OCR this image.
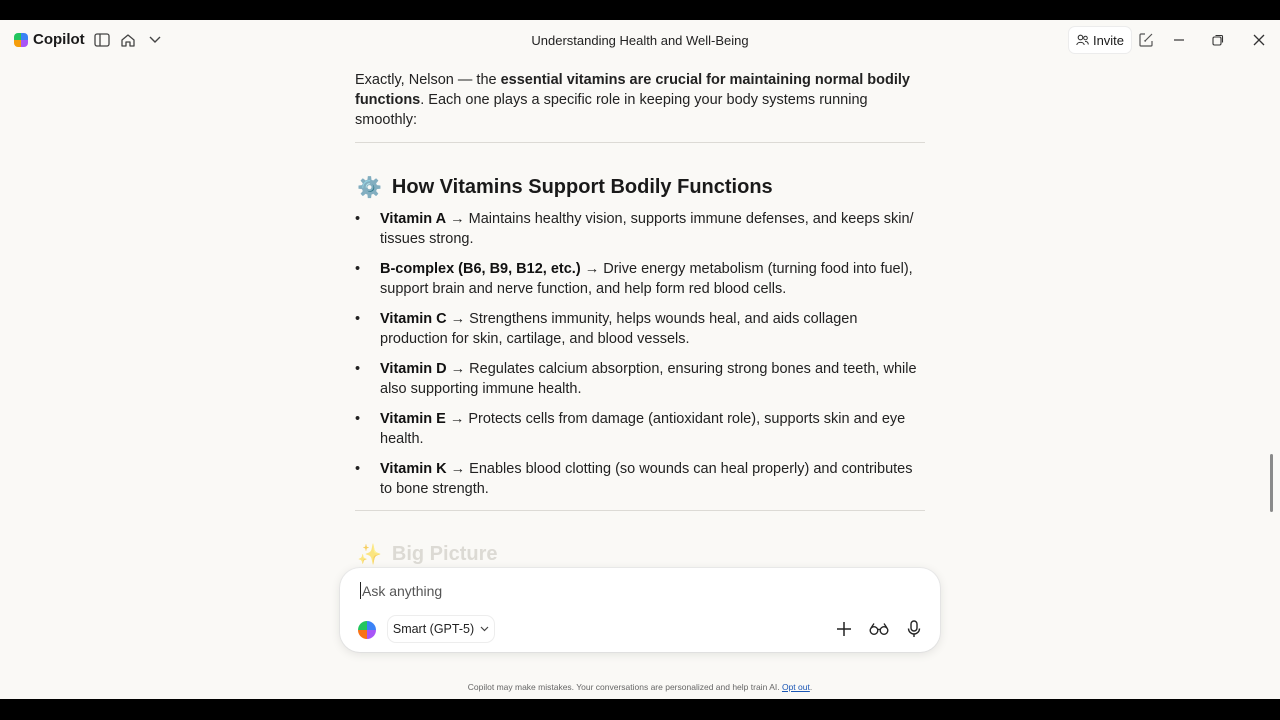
Copilot	Understanding Health and Well-Being	Invite
Exactly, Nelson — the essential vitamins are crucial for maintaining normal bodily functions. Each one plays a specific role in keeping your body systems running smoothly:
⚙️ How Vitamins Support Bodily Functions
•	Vitamin A → Maintains healthy vision, supports immune defenses, and keeps skin/ tissues strong.
•	B-complex (B6, B9, B12, etc.) → Drive energy metabolism (turning food into fuel), support brain and nerve function, and help form red blood cells.
•	Vitamin C → Strengthens immunity, helps wounds heal, and aids collagen production for skin, cartilage, and blood vessels.
•	Vitamin D → Regulates calcium absorption, ensuring strong bones and teeth, while also supporting immune health.
•	Vitamin E → Protects cells from damage (antioxidant role), supports skin and eye health.
•	Vitamin K → Enables blood clotting (so wounds can heal properly) and contributes to bone strength.
✨ Big Picture
Ask anything
Smart (GPT-5)
Copilot may make mistakes. Your conversations are personalized and help train AI. Opt out.
